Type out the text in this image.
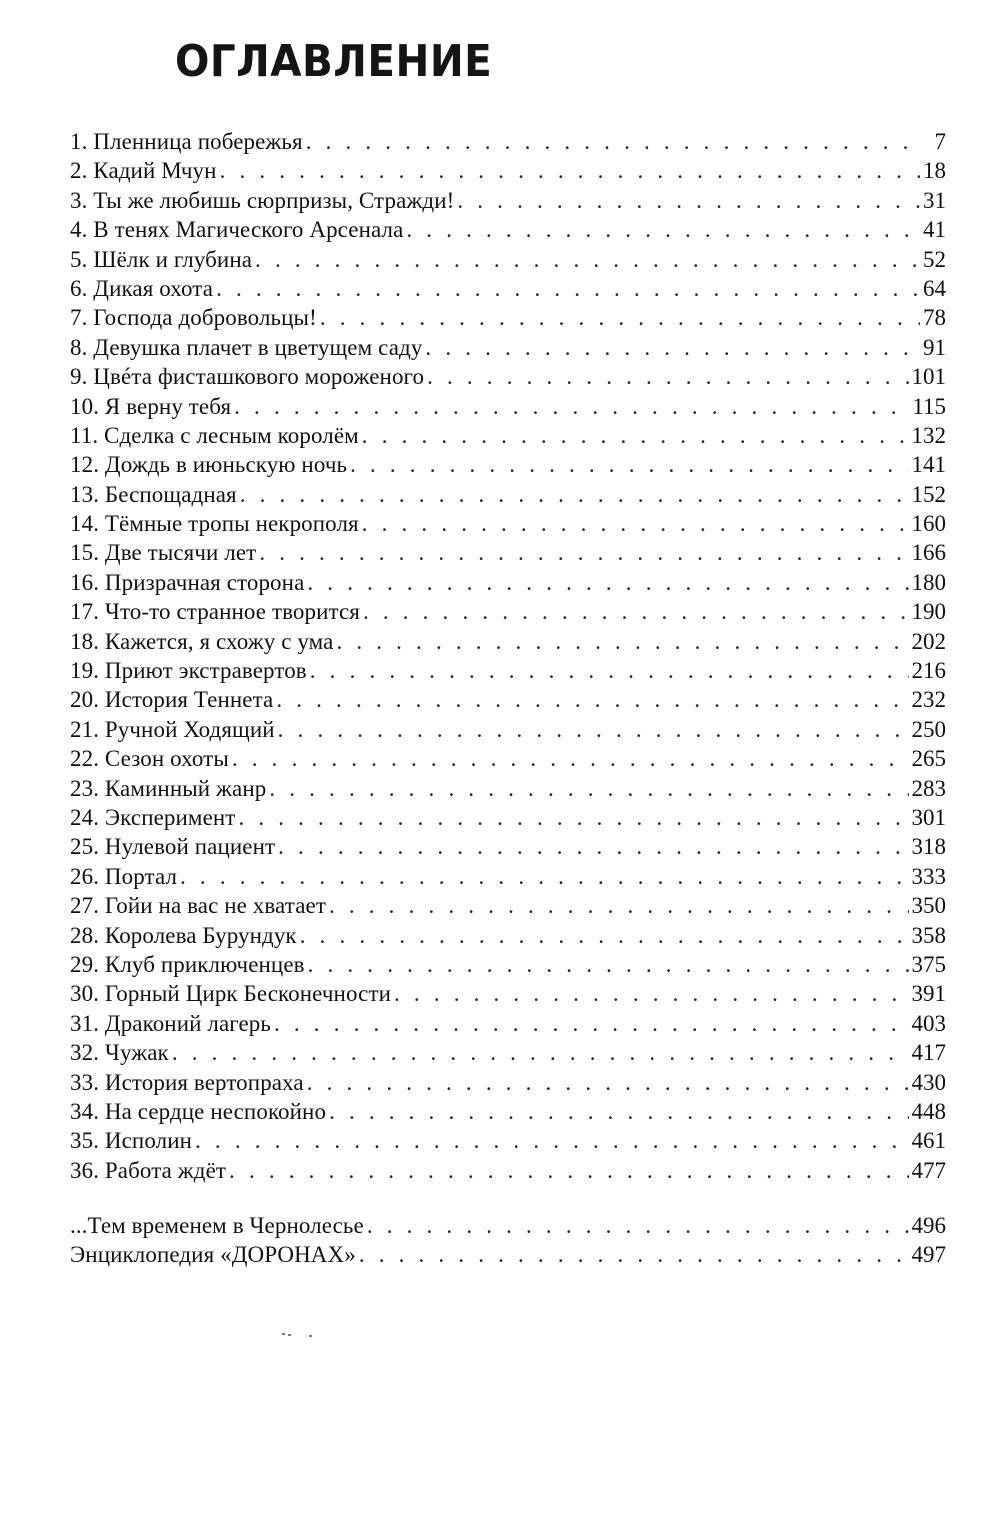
ОГЛАВЛЕНИЕ
1. Пленница побережья . . .	7
2. Кадий Мчун . . .	18
3. Ты же любишь сюрпризы, Стражди! . . .	31
4. В тенях Магического Арсенала . . .	41
5. Шёлк и глубина . . .	52
6. Дикая охота . . .	64
7. Господа добровольцы! . . .	78
8. Девушка плачет в цветущем саду . . .	91
9. Цвéта фисташкового мороженого . . .	101
10. Я верну тебя . . .	115
11. Сделка с лесным королём . . .	132
12. Дождь в июньскую ночь . . .	141
13. Беспощадная . . .	152
14. Тёмные тропы некрополя . . .	160
15. Две тысячи лет . . .	166
16. Призрачная сторона . . .	180
17. Что-то странное творится . . .	190
18. Кажется, я схожу с ума . . .	202
19. Приют экстравертов . . .	216
20. История Теннета . . .	232
21. Ручной Ходящий . . .	250
22. Сезон охоты . . .	265
23. Каминный жанр . . .	283
24. Эксперимент . . .	301
25. Нулевой пациент . . .	318
26. Портал . . .	333
27. Гойи на вас не хватает . . .	350
28. Королева Бурундук . . .	358
29. Клуб приключенцев . . .	375
30. Горный Цирк Бесконечности . . .	391
31. Драконий лагерь . . .	403
32. Чужак . . .	417
33. История вертопраха . . .	430
34. На сердце неспокойно . . .	448
35. Исполин . . .	461
36. Работа ждёт . . .	477
...Тем временем в Чернолесье . . .	496
Энциклопедия «ДОРОНАХ» . . .	497
